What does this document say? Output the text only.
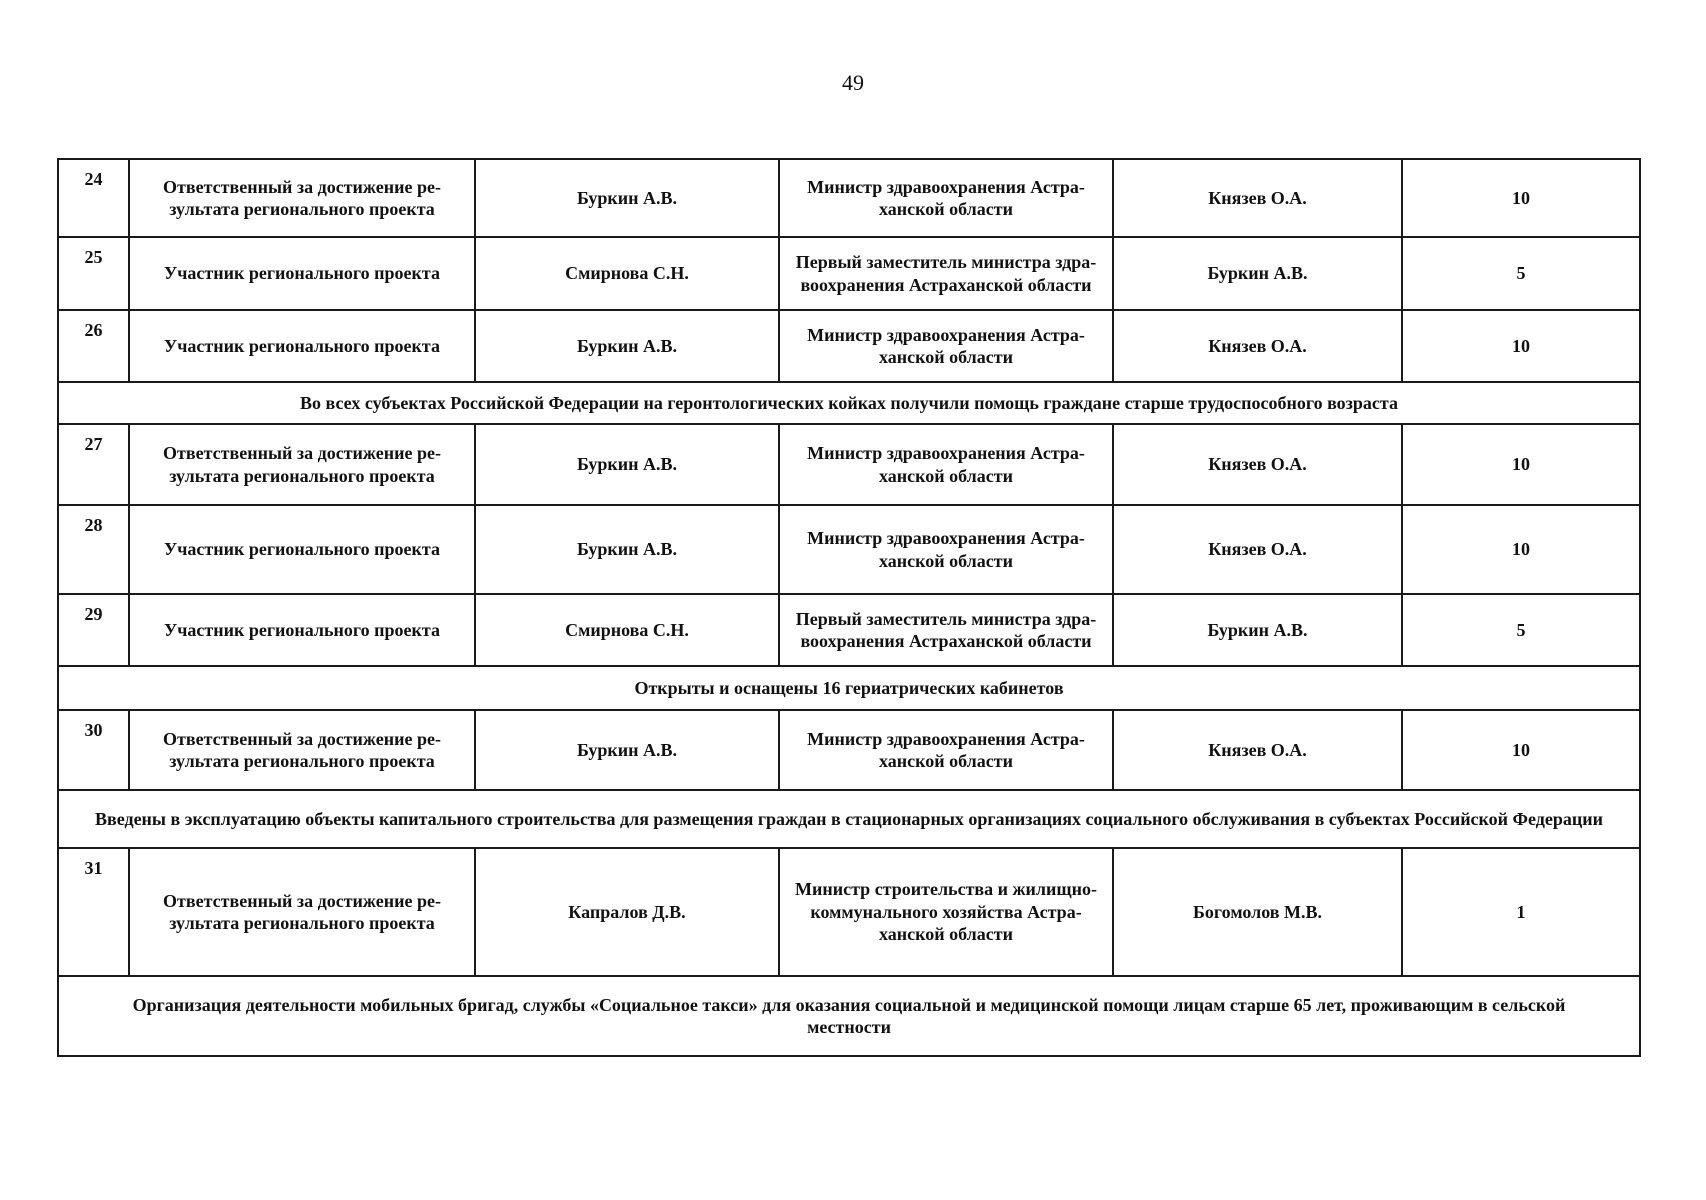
49
24	Ответственный за достижение ре-зультата регионального проекта	Буркин А.В.	Министр здравоохранения Астра-ханской области	Князев О.А.	10
25	Участник регионального проекта	Смирнова С.Н.	Первый заместитель министра здра-воохранения Астраханской области	Буркин А.В.	5
26	Участник регионального проекта	Буркин А.В.	Министр здравоохранения Астра-ханской области	Князев О.А.	10
Во всех субъектах Российской Федерации на геронтологических койках получили помощь граждане старше трудоспособного возраста					
27	Ответственный за достижение ре-зультата регионального проекта	Буркин А.В.	Министр здравоохранения Астра-ханской области	Князев О.А.	10
28	Участник регионального проекта	Буркин А.В.	Министр здравоохранения Астра-ханской области	Князев О.А.	10
29	Участник регионального проекта	Смирнова С.Н.	Первый заместитель министра здра-воохранения Астраханской области	Буркин А.В.	5
Открыты и оснащены 16 гериатрических кабинетов					
30	Ответственный за достижение ре-зультата регионального проекта	Буркин А.В.	Министр здравоохранения Астра-ханской области	Князев О.А.	10
Введены в эксплуатацию объекты капитального строительства для размещения граждан в стационарных организациях социального обслуживания в субъектах Российской Федерации					
31	Ответственный за достижение ре-зультата регионального проекта	Капралов Д.В.	Министр строительства и жилищно-коммунального хозяйства Астра-ханской области	Богомолов М.В.	1
Организация деятельности мобильных бригад, службы «Социальное такси» для оказания социальной и медицинской помощи лицам старше 65 лет, проживающим в сельской местности					
